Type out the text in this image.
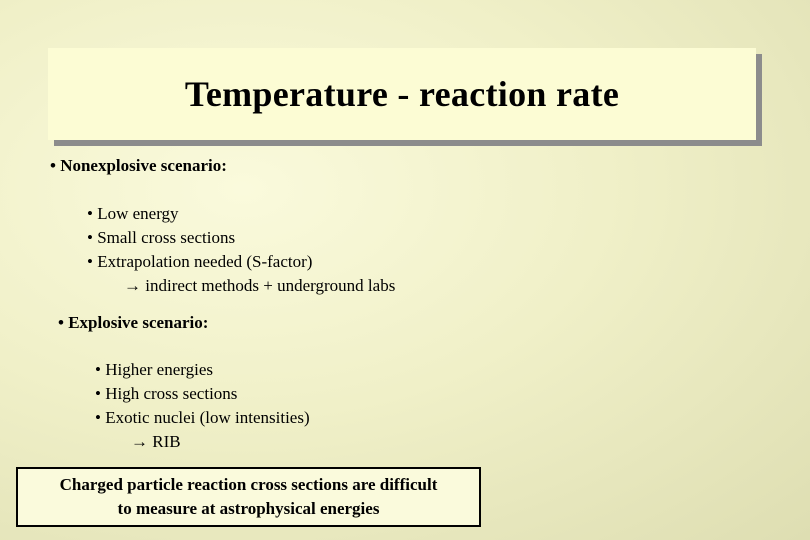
Temperature - reaction rate
• Nonexplosive scenario:
• Low energy
• Small cross sections
• Extrapolation needed (S-factor)
→ indirect methods + underground labs
• Explosive scenario:
• Higher energies
• High cross sections
• Exotic nuclei (low intensities)
→ RIB
Charged particle reaction cross sections are difficult
to measure at astrophysical energies
